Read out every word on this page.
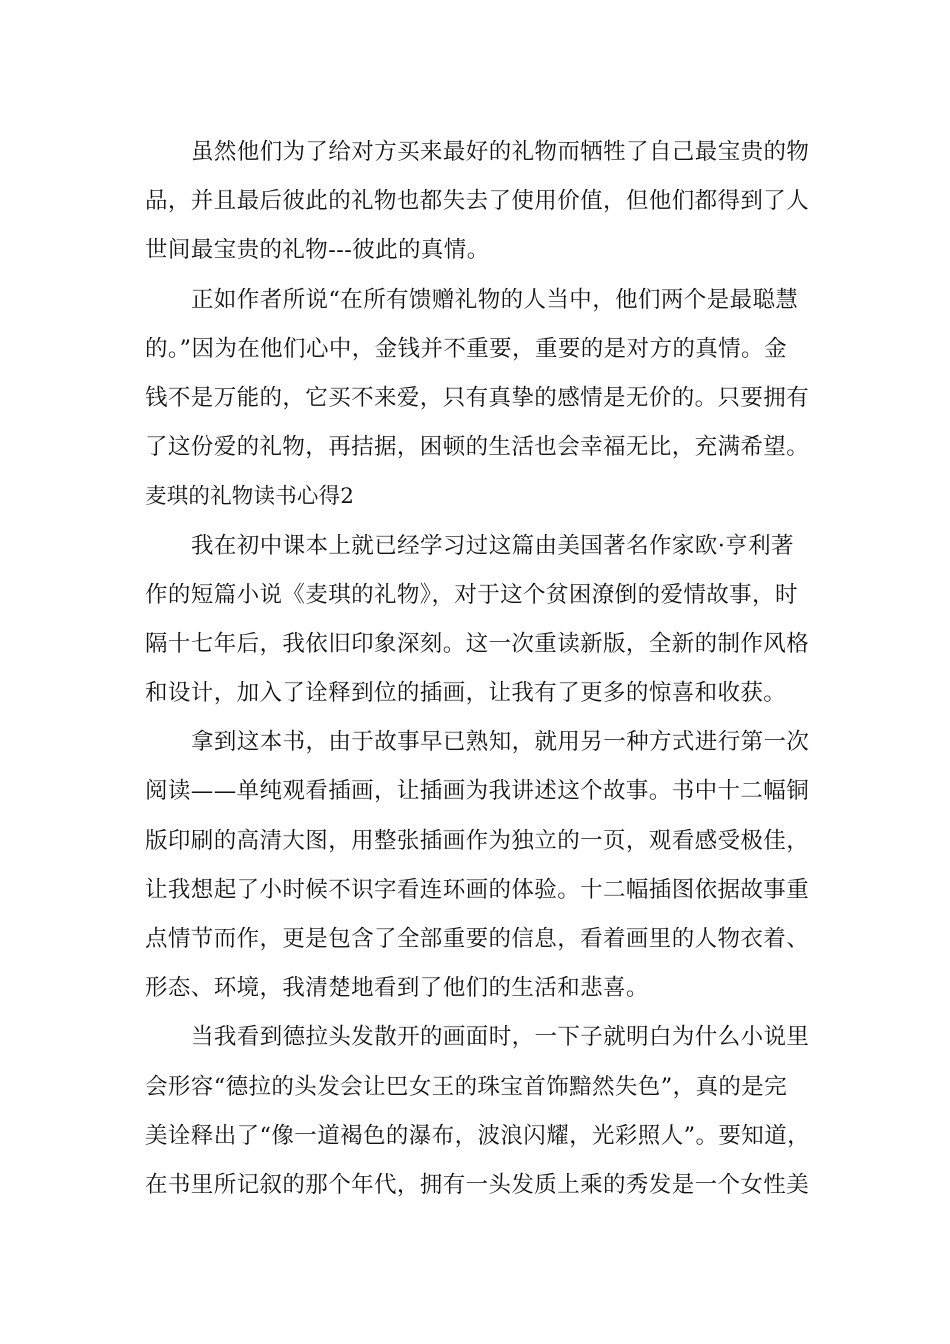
虽然他们为了给对方买来最好的礼物而牺牲了自己最宝贵的物
品，并且最后彼此的礼物也都失去了使用价值，但他们都得到了人
世间最宝贵的礼物---彼此的真情。
正如作者所说“在所有馈赠礼物的人当中，他们两个是最聪慧
的。”因为在他们心中，金钱并不重要，重要的是对方的真情。金
钱不是万能的，它买不来爱，只有真挚的感情是无价的。只要拥有
了这份爱的礼物，再拮据，困顿的生活也会幸福无比，充满希望。
麦琪的礼物读书心得2
我在初中课本上就已经学习过这篇由美国著名作家欧·亨利著
作的短篇小说《麦琪的礼物》，对于这个贫困潦倒的爱情故事，时
隔十七年后，我依旧印象深刻。这一次重读新版，全新的制作风格
和设计，加入了诠释到位的插画，让我有了更多的惊喜和收获。
拿到这本书，由于故事早已熟知，就用另一种方式进行第一次
阅读——单纯观看插画，让插画为我讲述这个故事。书中十二幅铜
版印刷的高清大图，用整张插画作为独立的一页，观看感受极佳，
让我想起了小时候不识字看连环画的体验。十二幅插图依据故事重
点情节而作，更是包含了全部重要的信息，看着画里的人物衣着、
形态、环境，我清楚地看到了他们的生活和悲喜。
当我看到德拉头发散开的画面时，一下子就明白为什么小说里
会形容“德拉的头发会让巴女王的珠宝首饰黯然失色”，真的是完
美诠释出了“像一道褐色的瀑布，波浪闪耀，光彩照人”。要知道，
在书里所记叙的那个年代，拥有一头发质上乘的秀发是一个女性美
